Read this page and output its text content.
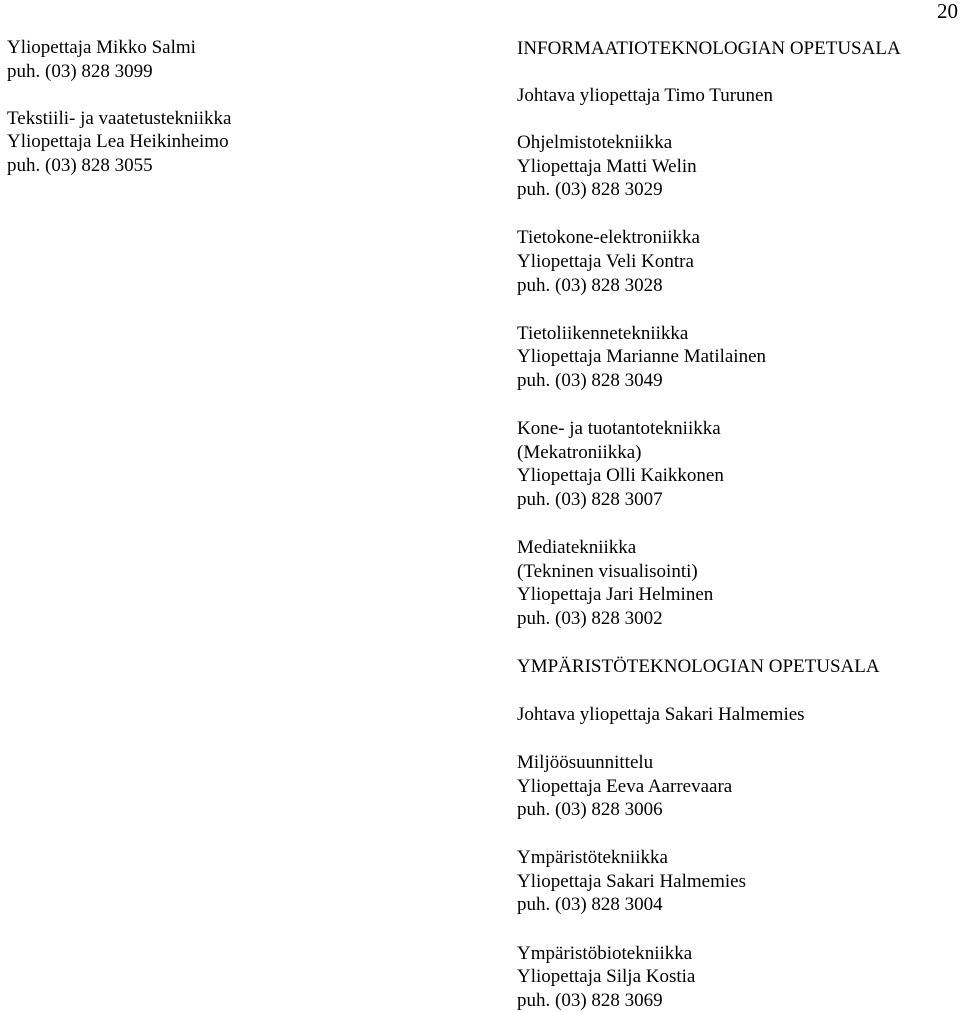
20
Yliopettaja Mikko Salmi
puh. (03) 828 3099
Tekstiili- ja vaatetustekniikka
Yliopettaja Lea Heikinheimo
puh. (03) 828 3055
INFORMAATIOTEKNOLOGIAN OPETUSALA
Johtava yliopettaja Timo Turunen
Ohjelmistotekniikka
Yliopettaja Matti Welin
puh. (03) 828 3029
Tietokone-elektroniikka
Yliopettaja Veli Kontra
puh. (03) 828 3028
Tietoliikennetekniikka
Yliopettaja Marianne Matilainen
puh. (03) 828 3049
Kone- ja tuotantotekniikka
(Mekatroniikka)
Yliopettaja Olli Kaikkonen
puh. (03) 828 3007
Mediatekniikka
(Tekninen visualisointi)
Yliopettaja Jari Helminen
puh. (03) 828 3002
YMPÄRISTÖTEKNOLOGIAN OPETUSALA
Johtava yliopettaja Sakari Halmemies
Miljöösuunnittelu
Yliopettaja Eeva Aarrevaara
puh. (03) 828 3006
Ympäristötekniikka
Yliopettaja Sakari Halmemies
puh. (03) 828 3004
Ympäristöbiotekniikka
Yliopettaja Silja Kostia
puh. (03) 828 3069
